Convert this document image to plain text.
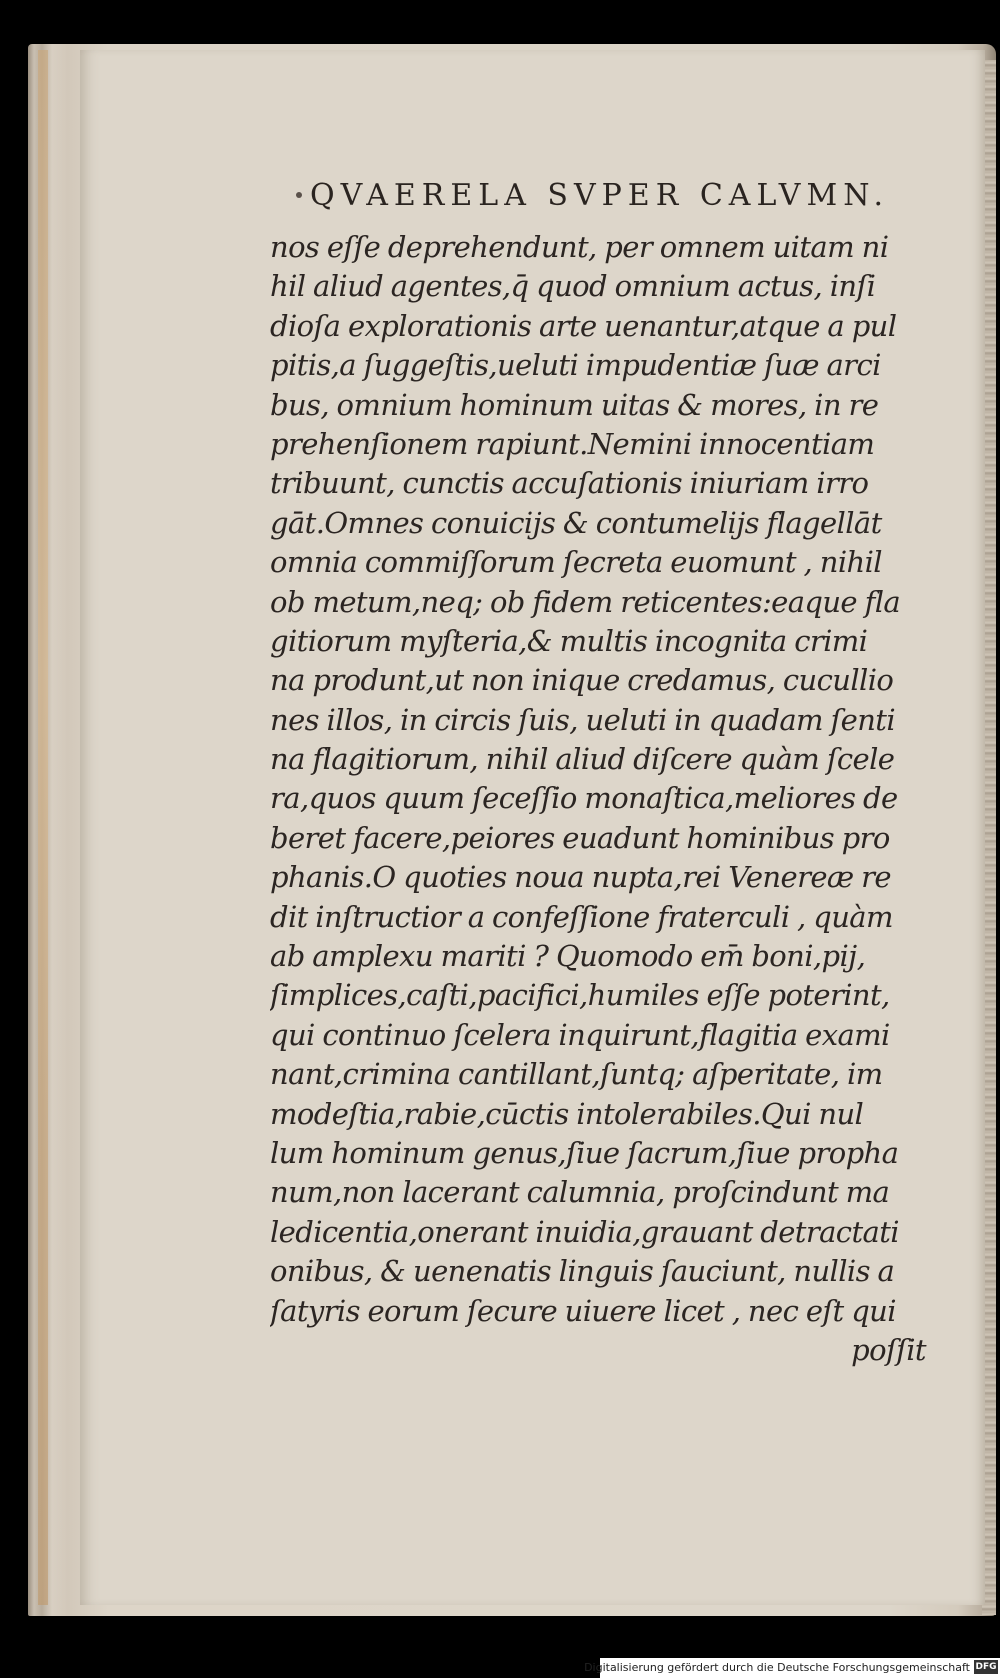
QVAERELA SVPER CALVMN.
nos eſſe deprehendunt, per omnem uitam ni
hil aliud agentes,q̄ quod omnium actus, inſi
dioſa explorationis arte uenantur,atque a pul
pitis,a ſuggeſtis,ueluti impudentiæ ſuæ arci
bus, omnium hominum uitas & mores, in re
prehenſionem rapiunt.Nemini innocentiam
tribuunt, cunctis accuſationis iniuriam irro
gāt.Omnes conuicijs & contumelijs flagellāt
omnia commiſſorum ſecreta euomunt , nihil
ob metum,neq; ob fidem reticentes:eaque fla
gitiorum myſteria,& multis incognita crimi
na produnt,ut non inique credamus, cucullio
nes illos, in circis ſuis, ueluti in quadam ſenti
na flagitiorum, nihil aliud diſcere quàm ſcele
ra,quos quum ſeceſſio monaſtica,meliores de
beret facere,peiores euadunt hominibus pro
phanis.O quoties noua nupta,rei Venereæ re
dit inſtructior a confeſſione fraterculi , quàm
ab amplexu mariti ? Quomodo em̄ boni,pij,
ſimplices,caſti,pacifici,humiles eſſe poterint,
qui continuo ſcelera inquirunt,flagitia exami
nant,crimina cantillant,ſuntq; aſperitate, im
modeſtia,rabie,cūctis intolerabiles.Qui nul
lum hominum genus,ſiue ſacrum,ſiue propha
num,non lacerant calumnia, proſcindunt ma
ledicentia,onerant inuidia,grauant detractati
onibus, & uenenatis linguis ſauciunt, nullis a
ſatyris eorum ſecure uiuere licet , nec eſt qui
poſſit
Digitalisierung gefördert durch die Deutsche Forschungsgemeinschaft DFG
